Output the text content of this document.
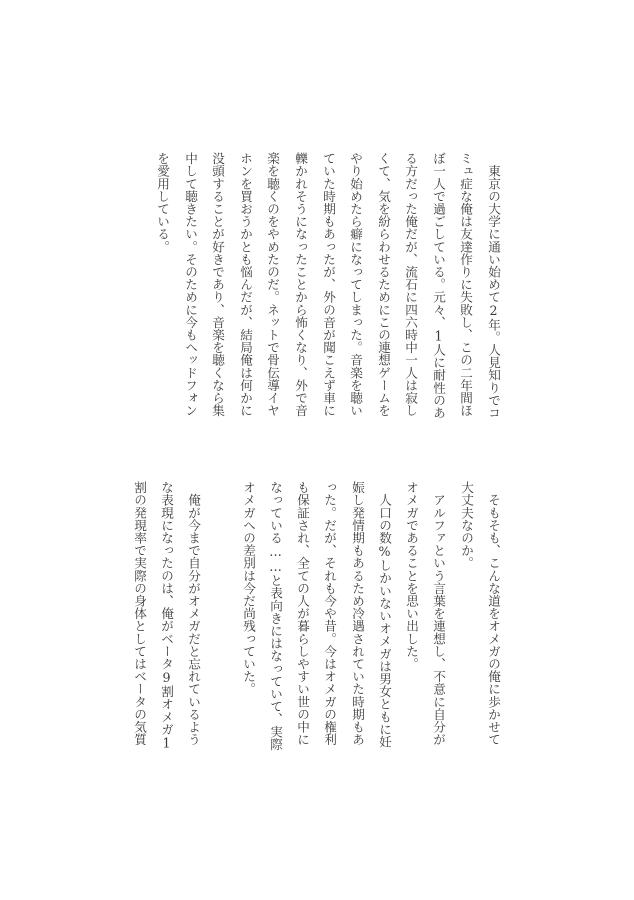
　東京の大学に通い始めて2年。人見知りでコ
ミュ症な俺は友達作りに失敗し、この二年間ほ
ぼ一人で過ごしている。元々、1人に耐性のあ
る方だった俺だが、流石に四六時中一人は寂し
くて、気を紛らわせるためにこの連想ゲームを
やり始めたら癖になってしまった。音楽を聴い
ていた時期もあったが、外の音が聞こえず車に
轢かれそうになったことから怖くなり、外で音
楽を聴くのをやめたのだ。ネットで骨伝導イヤ
ホンを買おうかとも悩んだが、結局俺は何かに
没頭することが好きであり、音楽を聴くなら集
中して聴きたい。そのために今もヘッドフォン
を愛用している。
　そもそも、こんな道をオメガの俺に歩かせて
大丈夫なのか。
　アルファという言葉を連想し、不意に自分が
オメガであることを思い出した。
　人口の数%しかいないオメガは男女ともに妊
娠し発情期もあるため冷遇されていた時期もあ
った。だが、それも今や昔。今はオメガの権利
も保証され、全ての人が暮らしやすい世の中に
なっている……と表向きにはなっていて、実際
オメガへの差別は今だ尚残っていた。
　俺が今まで自分がオメガだと忘れているよう
な表現になったのは、俺がベータ9割オメガ1
割の発現率で実際の身体としてはベータの気質
